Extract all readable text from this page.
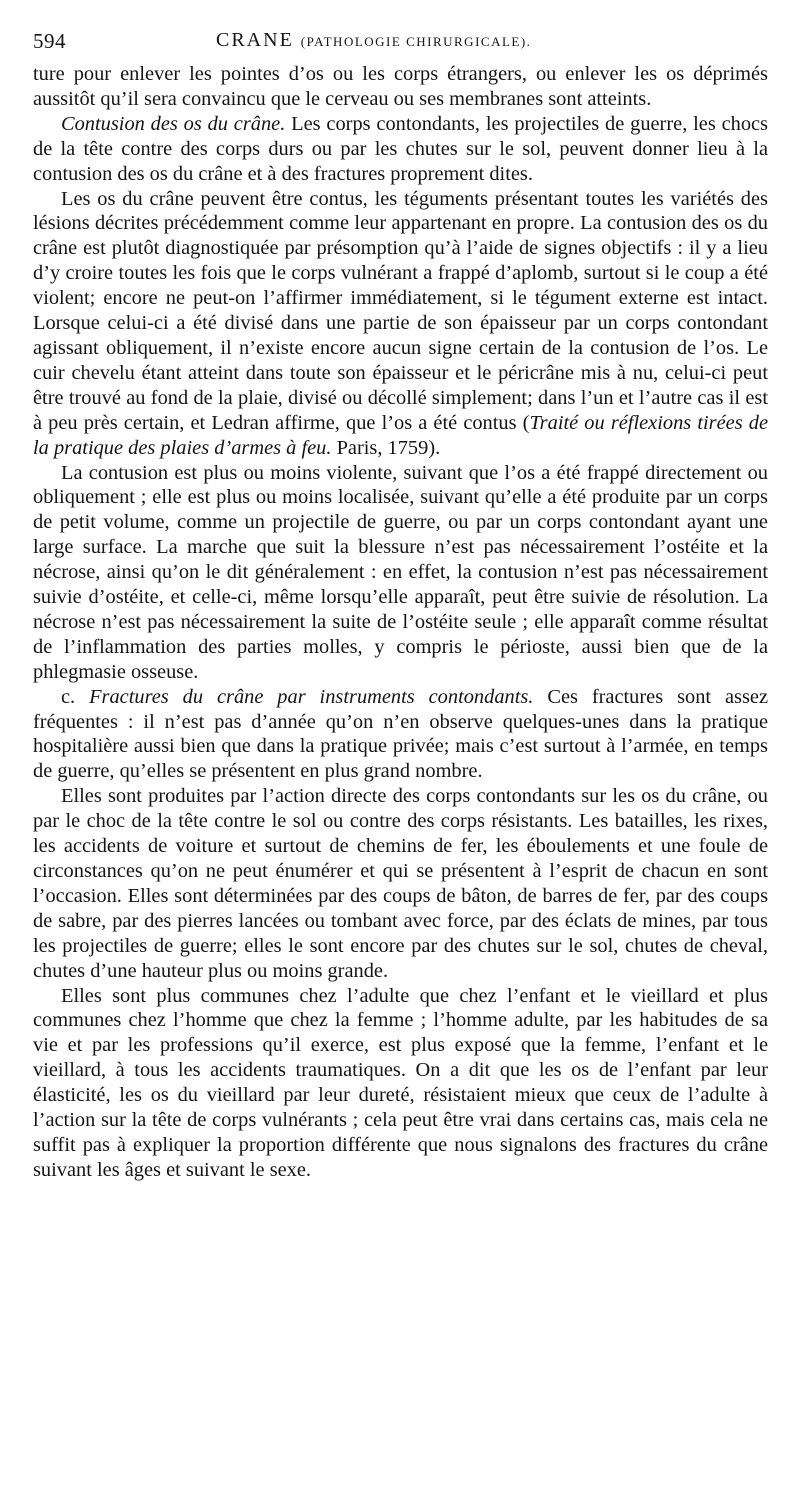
594	CRANE (PATHOLOGIE CHIRURGICALE).

ture pour enlever les pointes d’os ou les corps étrangers, ou enlever les os déprimés aussitôt qu’il sera convaincu que le cerveau ou ses membranes sont atteints.

Contusion des os du crâne. Les corps contondants, les projectiles de guerre, les chocs de la tête contre des corps durs ou par les chutes sur le sol, peuvent donner lieu à la contusion des os du crâne et à des fractures proprement dites.

Les os du crâne peuvent être contus, les téguments présentant toutes les variétés des lésions décrites précédemment comme leur appartenant en propre. La contusion des os du crâne est plutôt diagnostiquée par présomption qu’à l’aide de signes objectifs : il y a lieu d’y croire toutes les fois que le corps vulnérant a frappé d’aplomb, surtout si le coup a été violent; encore ne peut-on l’affirmer immédiatement, si le tégument externe est intact. Lorsque celui-ci a été divisé dans une partie de son épaisseur par un corps contondant agissant obliquement, il n’existe encore aucun signe certain de la contusion de l’os. Le cuir chevelu étant atteint dans toute son épaisseur et le péricrâne mis à nu, celui-ci peut être trouvé au fond de la plaie, divisé ou décollé simplement; dans l’un et l’autre cas il est à peu près certain, et Ledran affirme, que l’os a été contus (Traité ou réflexions tirées de la pratique des plaies d’armes à feu. Paris, 1759).

La contusion est plus ou moins violente, suivant que l’os a été frappé directement ou obliquement ; elle est plus ou moins localisée, suivant qu’elle a été produite par un corps de petit volume, comme un projectile de guerre, ou par un corps contondant ayant une large surface. La marche que suit la blessure n’est pas nécessairement l’ostéite et la nécrose, ainsi qu’on le dit généralement : en effet, la contusion n’est pas nécessairement suivie d’ostéite, et celle-ci, même lorsqu’elle apparaît, peut être suivie de résolution. La nécrose n’est pas nécessairement la suite de l’ostéite seule ; elle apparaît comme résultat de l’inflammation des parties molles, y compris le périoste, aussi bien que de la phlegmasie osseuse.

c. Fractures du crâne par instruments contondants. Ces fractures sont assez fréquentes : il n’est pas d’année qu’on n’en observe quelques-unes dans la pratique hospitalière aussi bien que dans la pratique privée; mais c’est surtout à l’armée, en temps de guerre, qu’elles se présentent en plus grand nombre.

Elles sont produites par l’action directe des corps contondants sur les os du crâne, ou par le choc de la tête contre le sol ou contre des corps résistants. Les batailles, les rixes, les accidents de voiture et surtout de chemins de fer, les éboulements et une foule de circonstances qu’on ne peut énumérer et qui se présentent à l’esprit de chacun en sont l’occasion. Elles sont déterminées par des coups de bâton, de barres de fer, par des coups de sabre, par des pierres lancées ou tombant avec force, par des éclats de mines, par tous les projectiles de guerre; elles le sont encore par des chutes sur le sol, chutes de cheval, chutes d’une hauteur plus ou moins grande.

Elles sont plus communes chez l’adulte que chez l’enfant et le vieillard et plus communes chez l’homme que chez la femme ; l’homme adulte, par les habitudes de sa vie et par les professions qu’il exerce, est plus exposé que la femme, l’enfant et le vieillard, à tous les accidents traumatiques. On a dit que les os de l’enfant par leur élasticité, les os du vieillard par leur dureté, résistaient mieux que ceux de l’adulte à l’action sur la tête de corps vulnérants ; cela peut être vrai dans certains cas, mais cela ne suffit pas à expliquer la proportion différente que nous signalons des fractures du crâne suivant les âges et suivant le sexe.
